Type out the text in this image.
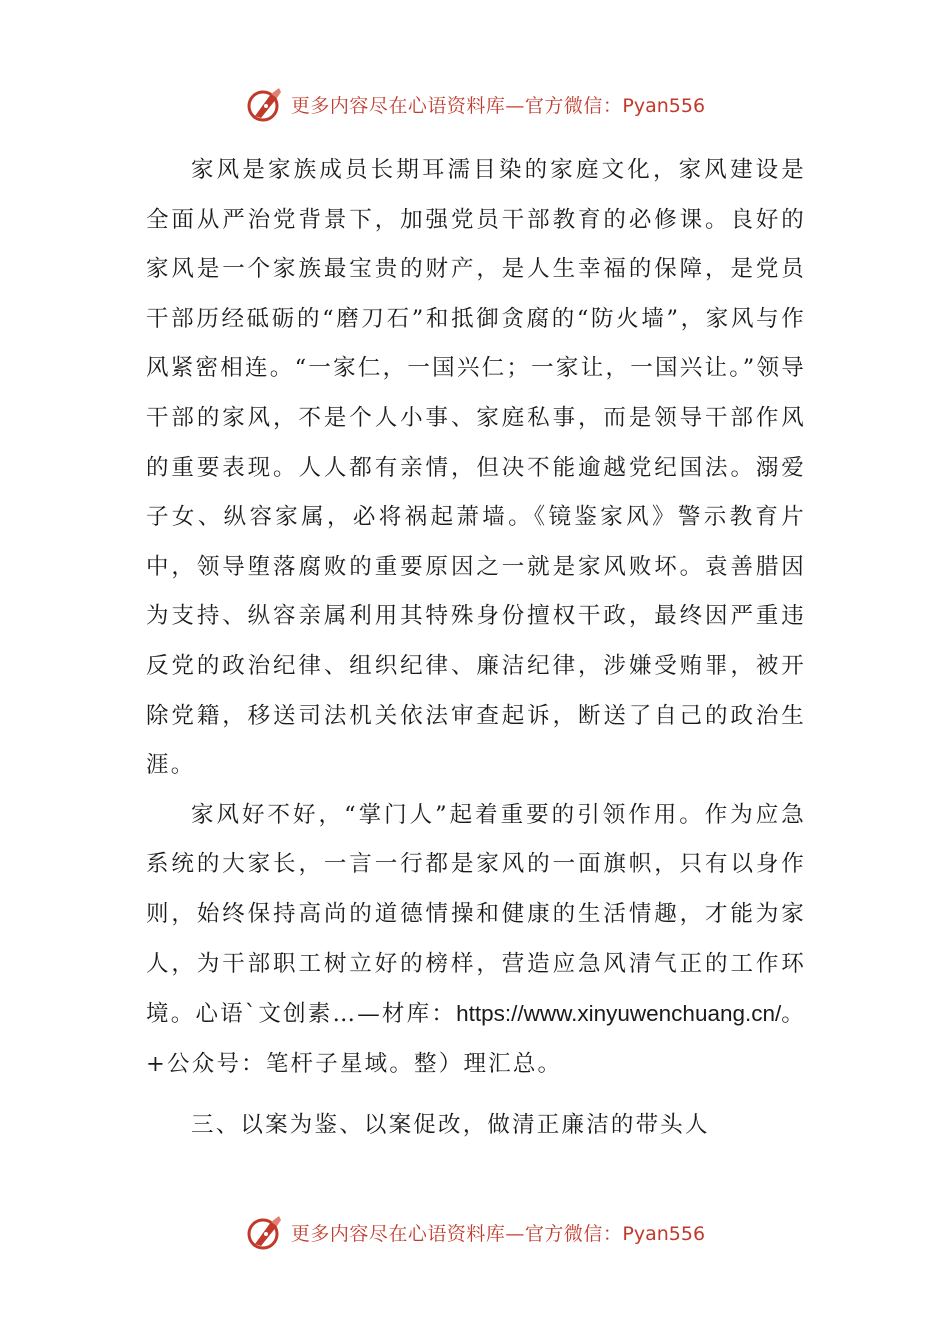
更多内容尽在心语资料库—官方微信：Pyan556

家风是家族成员长期耳濡目染的家庭文化，家风建设是全面从严治党背景下，加强党员干部教育的必修课。良好的家风是一个家族最宝贵的财产，是人生幸福的保障，是党员干部历经砥砺的“磨刀石”和抵御贪腐的“防火墙”，家风与作风紧密相连。“一家仁，一国兴仁；一家让，一国兴让。”领导干部的家风，不是个人小事、家庭私事，而是领导干部作风的重要表现。人人都有亲情，但决不能逾越党纪国法。溺爱子女、纵容家属，必将祸起萧墙。《镜鉴家风》警示教育片中，领导堕落腐败的重要原因之一就是家风败坏。袁善腊因为支持、纵容亲属利用其特殊身份擅权干政，最终因严重违反党的政治纪律、组织纪律、廉洁纪律，涉嫌受贿罪，被开除党籍，移送司法机关依法审查起诉，断送了自己的政治生涯。

家风好不好，“掌门人”起着重要的引领作用。作为应急系统的大家长，一言一行都是家风的一面旗帜，只有以身作则，始终保持高尚的道德情操和健康的生活情趣，才能为家人，为干部职工树立好的榜样，营造应急风清气正的工作环境。心语`文创素…—材库：https://www.xinyuwenchuang.cn/。+公众号：笔杆子星域。整）理汇总。

三、以案为鉴、以案促改，做清正廉洁的带头人

更多内容尽在心语资料库—官方微信：Pyan556
